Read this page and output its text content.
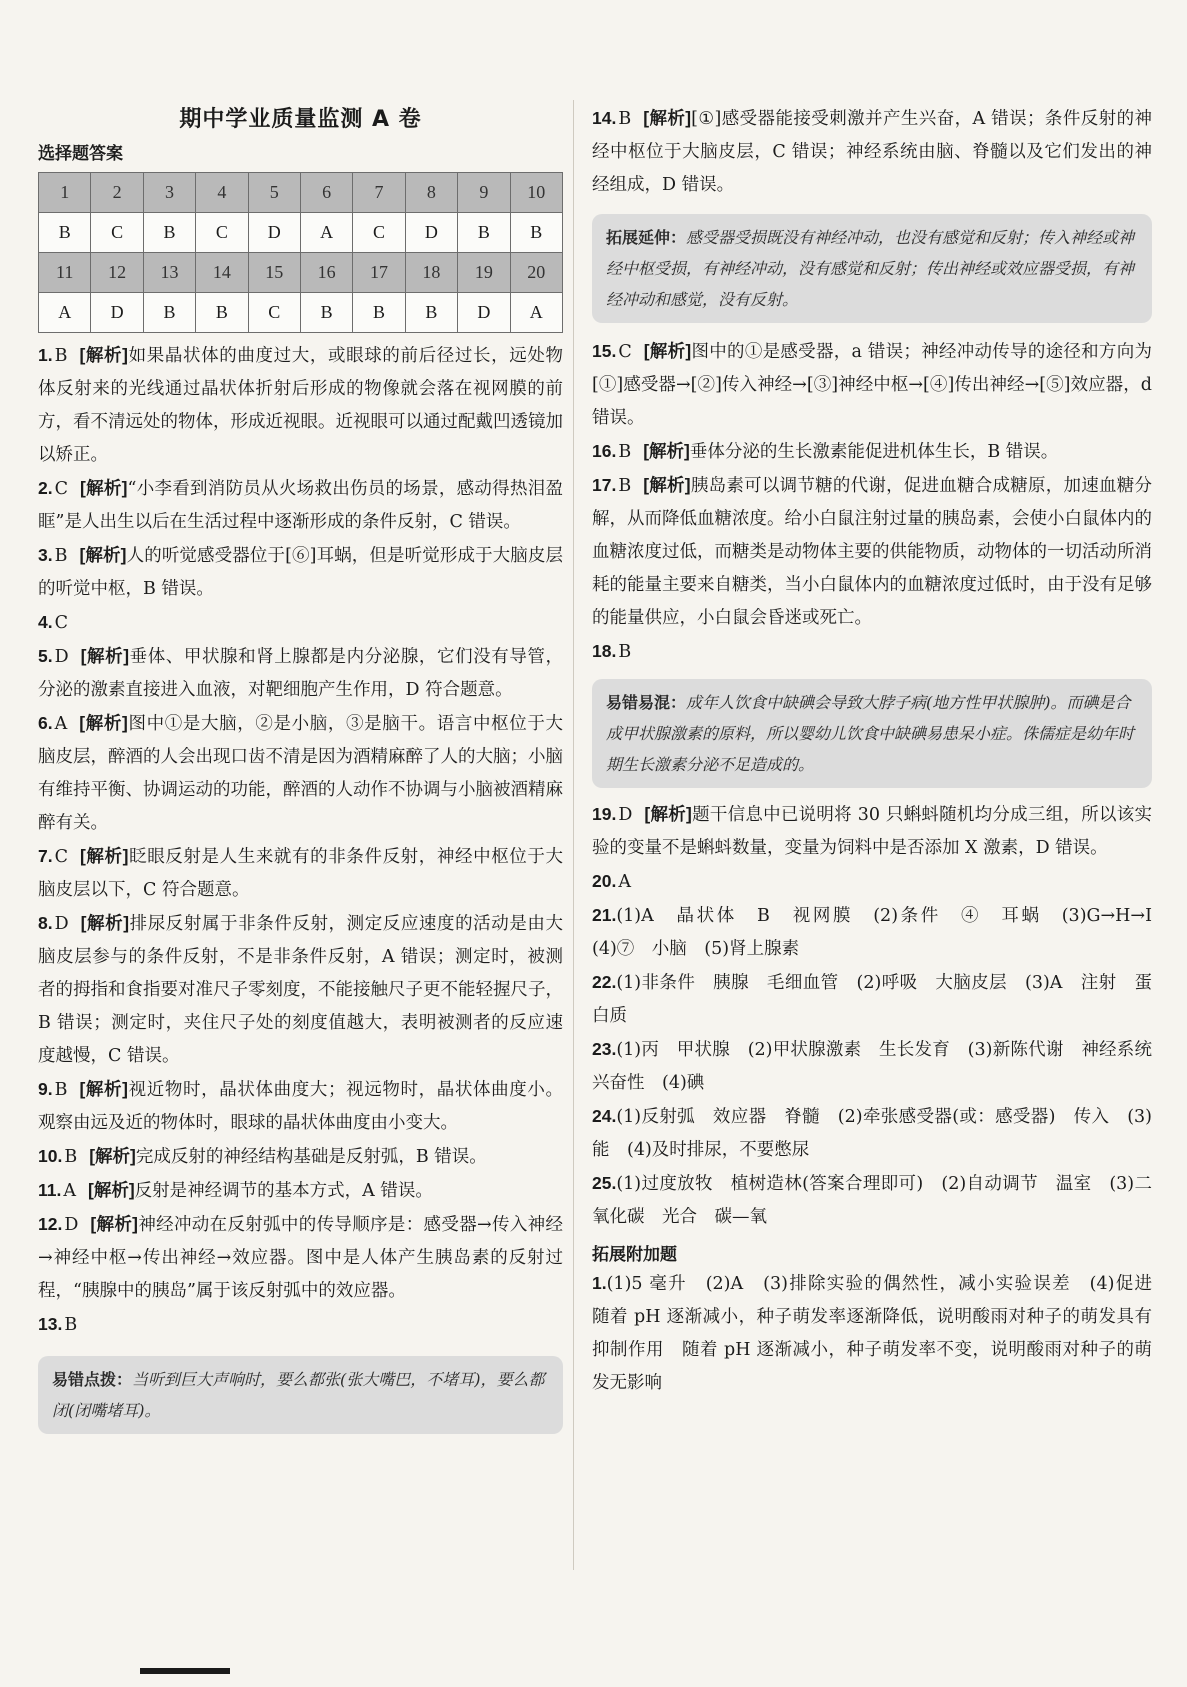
期中学业质量监测 A 卷
选择题答案
1	2	3	4	5	6	7	8	9	10
B	C	B	C	D	A	C	D	B	B
11	12	13	14	15	16	17	18	19	20
A	D	B	B	C	B	B	B	D	A

1. B [解析]如果晶状体的曲度过大，或眼球的前后径过长，远处物体反射来的光线通过晶状体折射后形成的物像就会落在视网膜的前方，看不清远处的物体，形成近视眼。近视眼可以通过配戴凹透镜加以矫正。

2. C [解析]“小李看到消防员从火场救出伤员的场景，感动得热泪盈眶”是人出生以后在生活过程中逐渐形成的条件反射，C 错误。

3. B [解析]人的听觉感受器位于[⑥]耳蜗，但是听觉形成于大脑皮层的听觉中枢，B 错误。

4. C

5. D [解析]垂体、甲状腺和肾上腺都是内分泌腺，它们没有导管，分泌的激素直接进入血液，对靶细胞产生作用，D 符合题意。

6. A [解析]图中①是大脑，②是小脑，③是脑干。语言中枢位于大脑皮层，醉酒的人会出现口齿不清是因为酒精麻醉了人的大脑；小脑有维持平衡、协调运动的功能，醉酒的人动作不协调与小脑被酒精麻醉有关。

7. C [解析]眨眼反射是人生来就有的非条件反射，神经中枢位于大脑皮层以下，C 符合题意。

8. D [解析]排尿反射属于非条件反射，测定反应速度的活动是由大脑皮层参与的条件反射，不是非条件反射，A 错误；测定时，被测者的拇指和食指要对准尺子零刻度，不能接触尺子更不能轻握尺子，B 错误；测定时，夹住尺子处的刻度值越大，表明被测者的反应速度越慢，C 错误。

9. B [解析]视近物时，晶状体曲度大；视远物时，晶状体曲度小。观察由远及近的物体时，眼球的晶状体曲度由小变大。

10. B [解析]完成反射的神经结构基础是反射弧，B 错误。

11. A [解析]反射是神经调节的基本方式，A 错误。

12. D [解析]神经冲动在反射弧中的传导顺序是：感受器→传入神经→神经中枢→传出神经→效应器。图中是人体产生胰岛素的反射过程，“胰腺中的胰岛”属于该反射弧中的效应器。

13. B

易错点拨：当听到巨大声响时，要么都张(张大嘴巴，不堵耳)，要么都闭(闭嘴堵耳)。

14. B [解析][①]感受器能接受刺激并产生兴奋，A 错误；条件反射的神经中枢位于大脑皮层，C 错误；神经系统由脑、脊髓以及它们发出的神经组成，D 错误。

拓展延伸：感受器受损既没有神经冲动，也没有感觉和反射；传入神经或神经中枢受损，有神经冲动，没有感觉和反射；传出神经或效应器受损，有神经冲动和感觉，没有反射。

15. C [解析]图中的①是感受器，a 错误；神经冲动传导的途径和方向为[①]感受器→[②]传入神经→[③]神经中枢→[④]传出神经→[⑤]效应器，d 错误。

16. B [解析]垂体分泌的生长激素能促进机体生长，B 错误。

17. B [解析]胰岛素可以调节糖的代谢，促进血糖合成糖原，加速血糖分解，从而降低血糖浓度。给小白鼠注射过量的胰岛素，会使小白鼠体内的血糖浓度过低，而糖类是动物体主要的供能物质，动物体的一切活动所消耗的能量主要来自糖类，当小白鼠体内的血糖浓度过低时，由于没有足够的能量供应，小白鼠会昏迷或死亡。

18. B

易错易混：成年人饮食中缺碘会导致大脖子病(地方性甲状腺肿)。而碘是合成甲状腺激素的原料，所以婴幼儿饮食中缺碘易患呆小症。侏儒症是幼年时期生长激素分泌不足造成的。

19. D [解析]题干信息中已说明将 30 只蝌蚪随机均分成三组，所以该实验的变量不是蝌蚪数量，变量为饲料中是否添加 X 激素，D 错误。

20. A

21.(1)A　晶状体　B　视网膜　(2)条件　④　耳蜗　(3)G→H→I　(4)⑦　小脑　(5)肾上腺素

22.(1)非条件　胰腺　毛细血管　(2)呼吸　大脑皮层　(3)A　注射　蛋白质

23.(1)丙　甲状腺　(2)甲状腺激素　生长发育　(3)新陈代谢　神经系统兴奋性　(4)碘

24.(1)反射弧　效应器　脊髓　(2)牵张感受器(或：感受器)　传入　(3)能　(4)及时排尿，不要憋尿

25.(1)过度放牧　植树造林(答案合理即可)　(2)自动调节　温室　(3)二氧化碳　光合　碳—氧

拓展附加题

1.(1)5 毫升　(2)A　(3)排除实验的偶然性，减小实验误差　(4)促进　随着 pH 逐渐减小，种子萌发率逐渐降低，说明酸雨对种子的萌发具有抑制作用　随着 pH 逐渐减小，种子萌发率不变，说明酸雨对种子的萌发无影响
